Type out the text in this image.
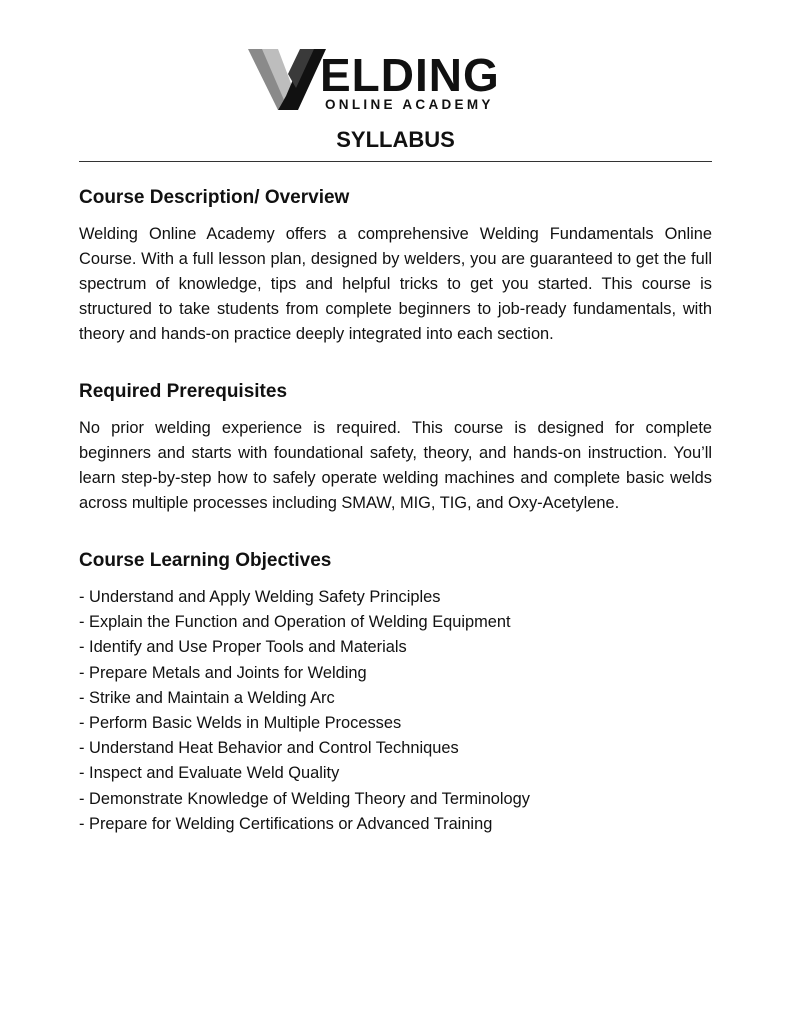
ELDING
ONLINE ACADEMY
SYLLABUS
Course Description/ Overview

Welding Online Academy offers a comprehensive Welding Fundamentals Online Course. With a full lesson plan, designed by welders, you are guaranteed to get the full spectrum of knowledge, tips and helpful tricks to get you started. This course is structured to take students from complete beginners to job-ready fundamentals, with theory and hands-on practice deeply integrated into each section.

Required Prerequisites

No prior welding experience is required. This course is designed for complete beginners and starts with foundational safety, theory, and hands-on instruction. You’ll learn step-by-step how to safely operate welding machines and complete basic welds across multiple processes including SMAW, MIG, TIG, and Oxy-Acetylene.

Course Learning Objectives
- Understand and Apply Welding Safety Principles
- Explain the Function and Operation of Welding Equipment
- Identify and Use Proper Tools and Materials
- Prepare Metals and Joints for Welding
- Strike and Maintain a Welding Arc
- Perform Basic Welds in Multiple Processes
- Understand Heat Behavior and Control Techniques
- Inspect and Evaluate Weld Quality
- Demonstrate Knowledge of Welding Theory and Terminology
- Prepare for Welding Certifications or Advanced Training
